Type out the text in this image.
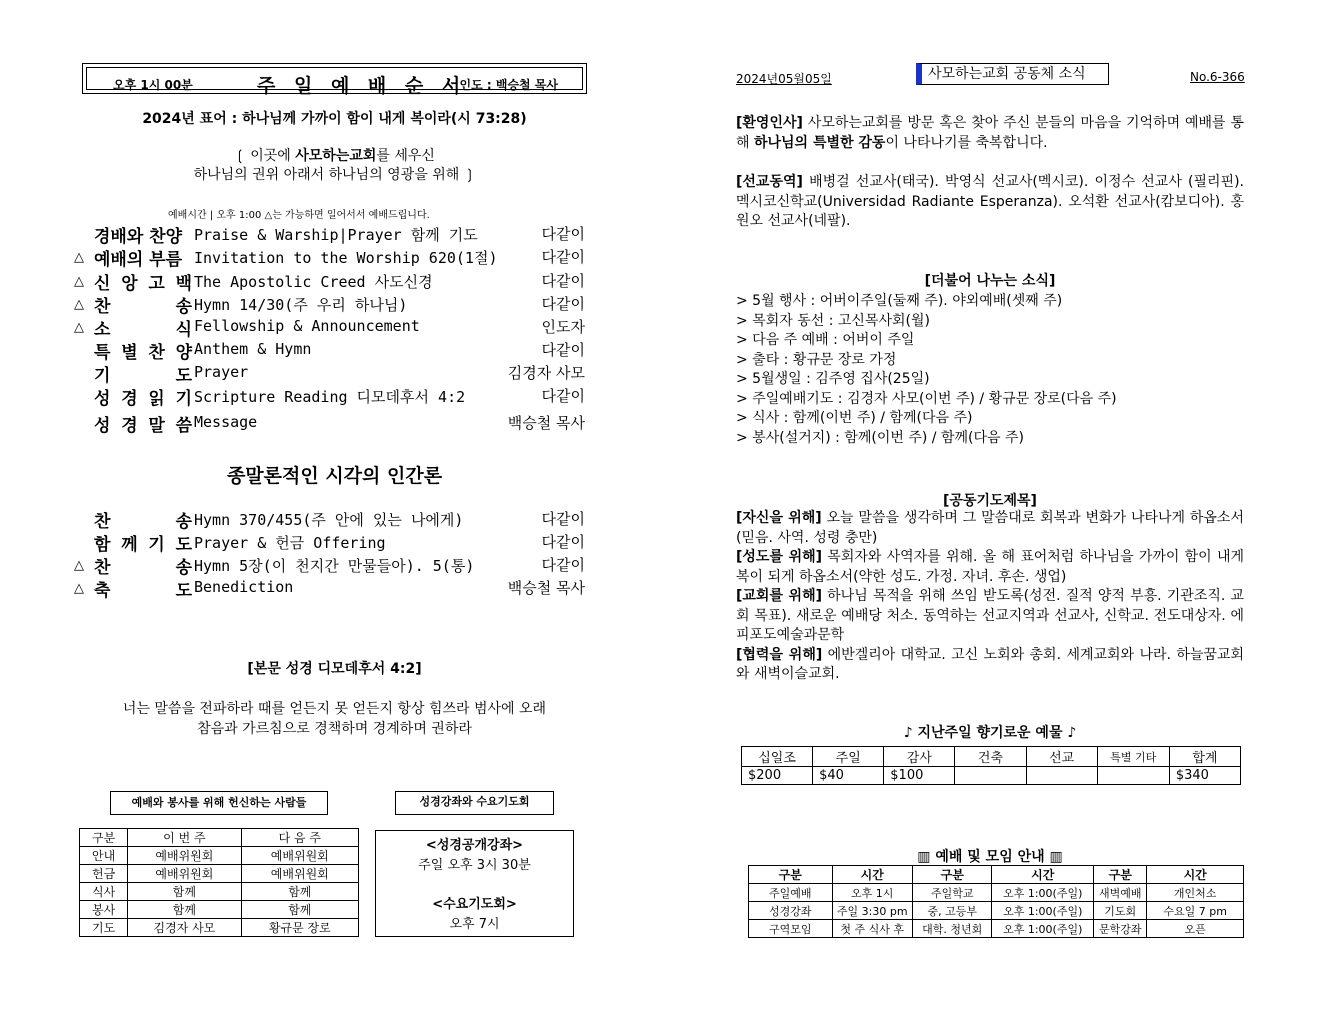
오후 1시 00분	주 일 예 배 순 서
인도 : 백승철 목사
2024년 표어 : 하나님께 가까이 함이 내게 복이라(시 73:28)
❲ 이곳에 사모하는교회를 세우신
하나님의 권위 아래서 하나님의 영광을 위해 ❳
예배시간 | 오후 1:00 △는 가능하면 일어서서 예배드립니다.
경배와 찬양 Praise & Warship|Prayer 함께 기도	다같이
△ 예배의 부름 Invitation to the Worship 620(1절)	다같이
△ 신 앙 고 백 The Apostolic Creed 사도신경	다같이
△ 찬	송 Hymn 14/30(주 우리 하나님)	다같이
△ 소	식 Fellowship & Announcement	인도자
특 별 찬 양 Anthem & Hymn	다같이
기	도 Prayer	김경자 사모
성 경 읽 기 Scripture Reading 디모데후서 4:2	다같이
성 경 말 씀 Message	백승철 목사
종말론적인 시각의 인간론
찬	송 Hymn 370/455(주 안에 있는 나에게)	다같이
함 께 기 도 Prayer & 헌금 Offering	다같이
△ 찬	송 Hymn 5장(이 천지간 만물들아). 5(통)	다같이
△ 축	도 Benediction	백승철 목사
[본문 성경 디모데후서 4:2]
너는 말씀을 전파하라 때를 얻든지 못 얻든지 항상 힘쓰라 범사에 오래
참음과 가르침으로 경책하며 경계하며 권하라
예배와 봉사를 위해 헌신하는 사람들	성경강좌와 수요기도회
구분	이 번 주	다 음 주
안내	예배위원회	예배위원회
헌금	예배위원회	예배위원회
식사	함께	함께
봉사	함께	함께
기도	김경자 사모	황규문 장로
<성경공개강좌>
주일 오후 3시 30분
<수요기도회>
오후 7시
2024년05월05일	사모하는교회 공동체 소식	No.6-366
[환영인사] 사모하는교회를 방문 혹은 찾아 주신 분들의 마음을 기억하며 예배를 통해 하나님의 특별한 감동이 나타나기를 축복합니다.
[선교동역] 배병걸 선교사(태국). 박영식 선교사(멕시코). 이정수 선교사 (필리핀). 멕시코신학교(Universidad Radiante Esperanza). 오석환 선교사(캄보디아). 홍원오 선교사(네팔).
[더불어 나누는 소식]
> 5월 행사 : 어버이주일(둘째 주). 야외예배(셋째 주)
> 목회자 동선 : 고신목사회(월)
> 다음 주 예배 : 어버이 주일
> 출타 : 황규문 장로 가정
> 5월생일 : 김주영 집사(25일)
> 주일예배기도 : 김경자 사모(이번 주) / 황규문 장로(다음 주)
> 식사 : 함께(이번 주) / 함께(다음 주)
> 봉사(설거지) : 함께(이번 주) / 함께(다음 주)
[공동기도제목]
[자신을 위해] 오늘 말씀을 생각하며 그 말씀대로 회복과 변화가 나타나게 하옵소서(믿음. 사역. 성령 충만)
[성도를 위해] 목회자와 사역자를 위해. 올 해 표어처럼 하나님을 가까이 함이 내게 복이 되게 하옵소서(약한 성도. 가정. 자녀. 후손. 생업)
[교회를 위해] 하나님 목적을 위해 쓰임 받도록(성전. 질적 양적 부흥. 기관조직. 교회 목표). 새로운 예배당 처소. 동역하는 선교지역과 선교사, 신학교. 전도대상자. 에피포도예술과문학
[협력을 위해] 에반겔리아 대학교. 고신 노회와 총회. 세계교회와 나라. 하늘꿈교회와 새벽이슬교회.
♪ 지난주일 향기로운 예물 ♪
십일조	주일	감사	건축	선교	특별 기타	합계
$200	$40	$100				$340
▥ 예배 및 모임 안내 ▥
구분	시간	구분	시간	구분	시간
주일예배	오후 1시	주일학교	오후 1:00(주일)	새벽예배	개인처소
성경강좌	주일 3:30 pm	중, 고등부	오후 1:00(주일)	기도회	수요일 7 pm
구역모임	첫 주 식사 후	대학. 청년회	오후 1:00(주일)	문학강좌	오픈
